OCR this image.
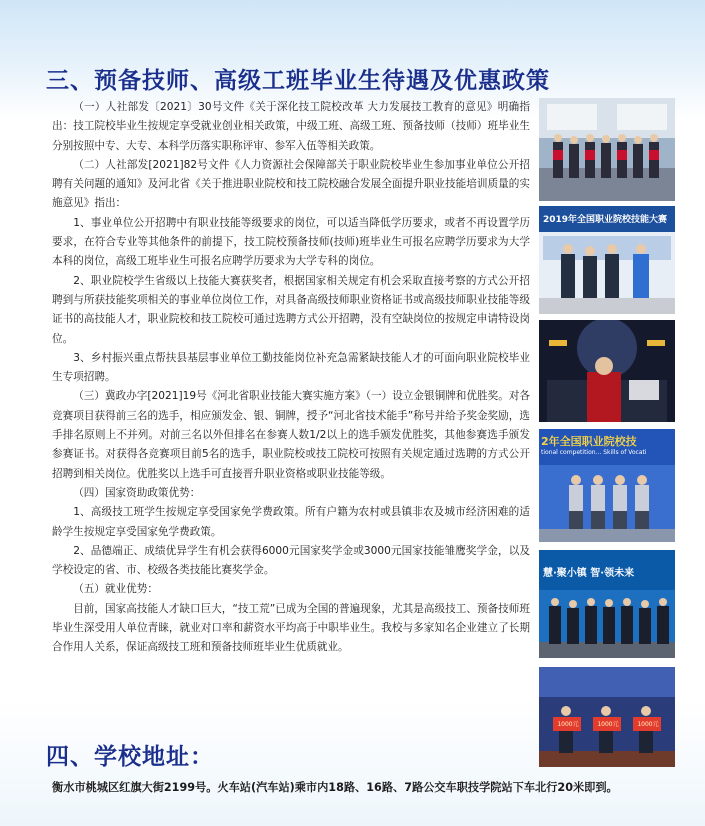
三、预备技师、高级工班毕业生待遇及优惠政策

（一）人社部发〔2021〕30号文件《关于深化技工院校改革 大力发展技工教育的意见》明确指出：技工院校毕业生按规定享受就业创业相关政策，中级工班、高级工班、预备技师（技师）班毕业生分别按照中专、大专、本科学历落实职称评审、参军入伍等相关政策。

（二）人社部发[2021]82号文件《人力资源社会保障部关于职业院校毕业生参加事业单位公开招聘有关问题的通知》及河北省《关于推进职业院校和技工院校融合发展全面提升职业技能培训质量的实施意见》指出：

1、事业单位公开招聘中有职业技能等级要求的岗位，可以适当降低学历要求，或者不再设置学历要求，在符合专业等其他条件的前提下，技工院校预备技师(技师)班毕业生可报名应聘学历要求为大学本科的岗位，高级工班毕业生可报名应聘学历要求为大学专科的岗位。

2、职业院校学生省级以上技能大赛获奖者，根据国家相关规定有机会采取直接考察的方式公开招聘到与所获技能奖项相关的事业单位岗位工作，对具备高级技师职业资格证书或高级技师职业技能等级证书的高技能人才，职业院校和技工院校可通过选聘方式公开招聘，没有空缺岗位的按规定申请特设岗位。

3、乡村振兴重点帮扶县基层事业单位工勤技能岗位补充急需紧缺技能人才的可面向职业院校毕业生专项招聘。

（三）冀政办字[2021]19号《河北省职业技能大赛实施方案》（一）设立金银铜牌和优胜奖。对各竞赛项目获得前三名的选手，相应颁发金、银、铜牌，授予“河北省技术能手”称号并给予奖金奖励，选手排名原则上不并列。对前三名以外但排名在参赛人数1/2以上的选手颁发优胜奖，其他参赛选手颁发参赛证书。对获得各竞赛项目前5名的选手，职业院校或技工院校可按照有关规定通过选聘的方式公开招聘到相关岗位。优胜奖以上选手可直接晋升职业资格或职业技能等级。

（四）国家资助政策优势：

1、高级技工班学生按规定享受国家免学费政策。所有户籍为农村或县镇非农及城市经济困难的适龄学生按规定享受国家免学费政策。

2、品德端正、成绩优异学生有机会获得6000元国家奖学金或3000元国家技能雏鹰奖学金，以及学校设定的省、市、校级各类技能比赛奖学金。

（五）就业优势：

目前，国家高技能人才缺口巨大，“技工荒”已成为全国的普遍现象，尤其是高级技工、预备技师班毕业生深受用人单位青睐，就业对口率和薪资水平均高于中职毕业生。我校与多家知名企业建立了长期合作用人关系，保证高级技工班和预备技师班毕业生优质就业。

四、学校地址：
衡水市桃城区红旗大街2199号。火车站(汽车站)乘市内18路、16路、7路公交车职技学院站下车北行20米即到。
2019年全国职业院校技能大赛
2年全国职业院校技
tional competition... Skills of Vocati
慧·聚小镇 智·领未来
1000元	1000元	1000元
